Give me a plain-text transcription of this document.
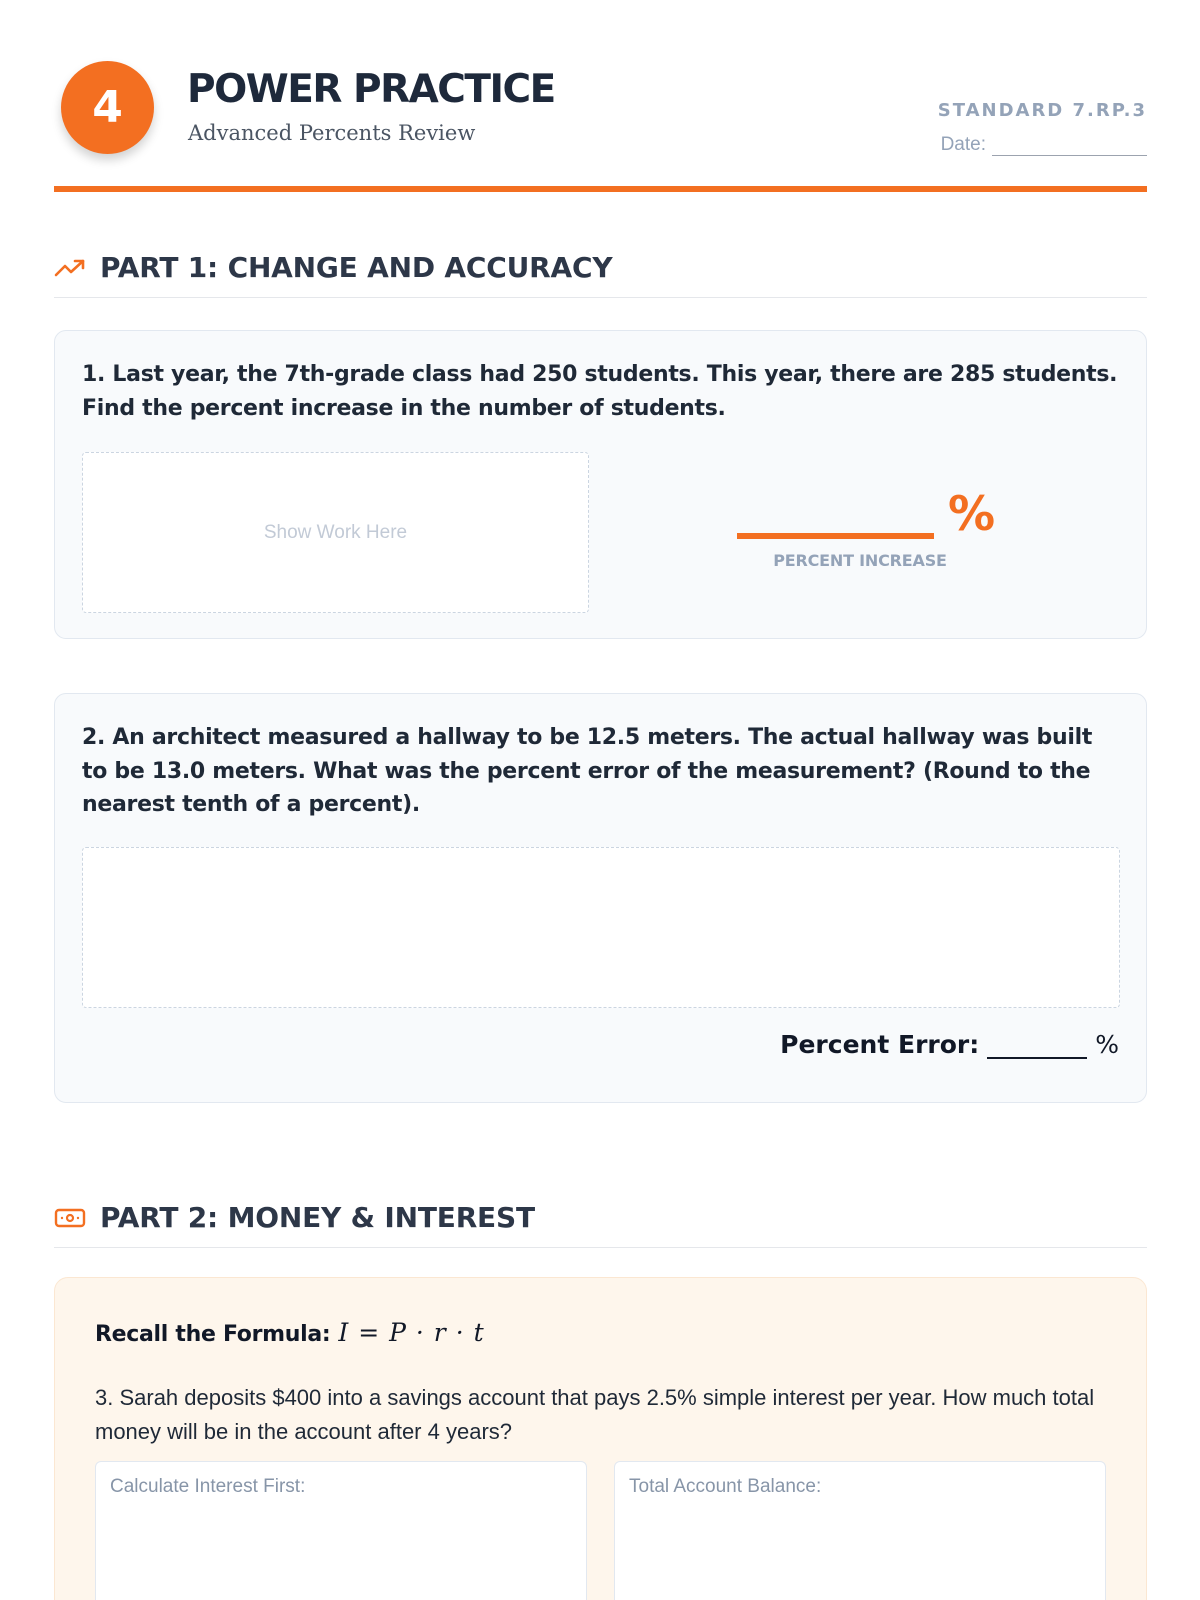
4	POWER PRACTICE
Advanced Percents Review
STANDARD 7.RP.3
Date:
PART 1: CHANGE AND ACCURACY
1. Last year, the 7th-grade class had 250 students. This year, there are 285 students. Find the percent increase in the number of students.
Show Work Here	%
PERCENT INCREASE
2. An architect measured a hallway to be 12.5 meters. The actual hallway was built to be 13.0 meters. What was the percent error of the measurement? (Round to the nearest tenth of a percent).
Percent Error:	%
PART 2: MONEY & INTEREST
Recall the Formula: I = P · r · t
3. Sarah deposits $400 into a savings account that pays 2.5% simple interest per year. How much total money will be in the account after 4 years?
Calculate Interest First:	Total Account Balance:
